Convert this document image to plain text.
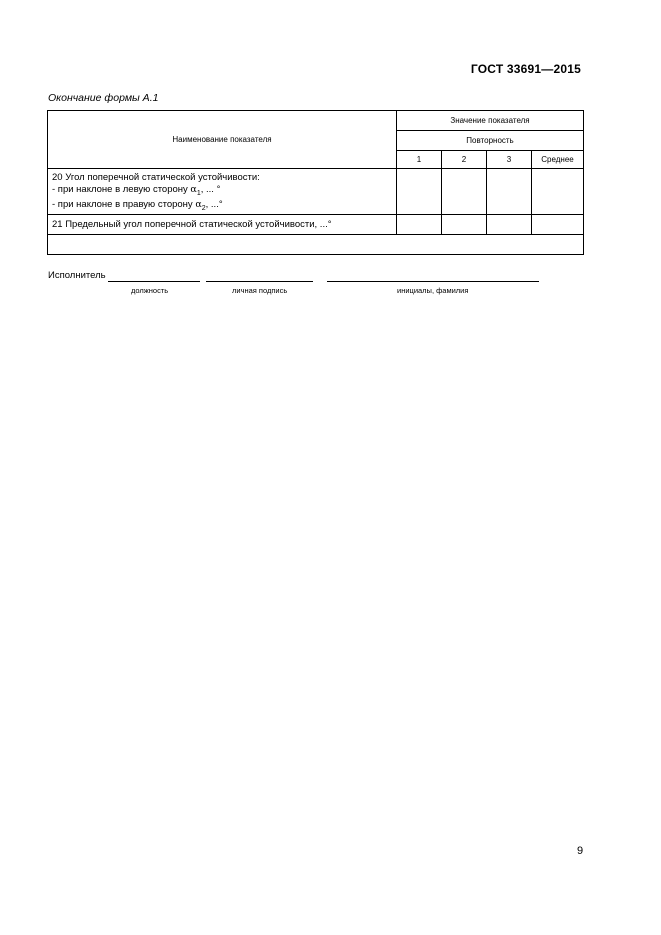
ГОСТ 33691—2015
Окончание формы А.1
Наименование показателя	Значение показателя			
	Повторность			
	1	2	3	Среднее

20 Угол поперечной статической устойчивости:
- при наклоне в левую сторону $\alpha_1$, ... °
- при наклоне в правую сторону $\alpha_2$, ...°				

21 Предельный угол поперечной статической устойчивости, ...°				

Исполнитель
должность	личная подпись	инициалы, фамилия
9
